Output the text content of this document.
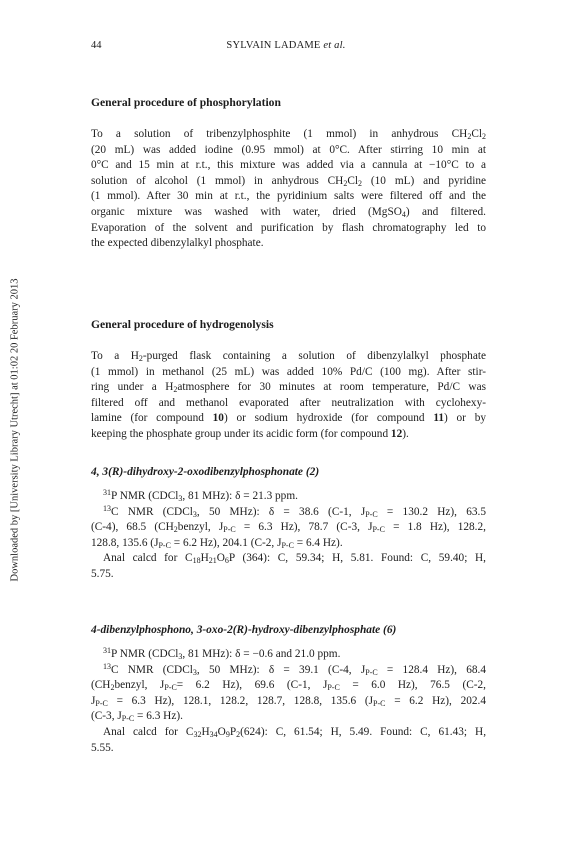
Downloaded by [University Library Utrecht] at 01:02 20 February 2013
44	SYLVAIN LADAME et al.
General procedure of phosphorylation
To a solution of tribenzylphosphite (1 mmol) in anhydrous $CH_2Cl_2$
(20 mL) was added iodine (0.95 mmol) at 0°C. After stirring 10 min at
0°C and 15 min at r.t., this mixture was added via a cannula at −10°C to a
solution of alcohol (1 mmol) in anhydrous $CH_2Cl_2$ (10 mL) and pyridine
(1 mmol). After 30 min at r.t., the pyridinium salts were filtered off and the
organic mixture was washed with water, dried (MgSO$_4$) and filtered.
Evaporation of the solvent and purification by flash chromatography led to
the expected dibenzylalkyl phosphate.
General procedure of hydrogenolysis
To a $H_2$-purged flask containing a solution of dibenzylalkyl phosphate
(1 mmol) in methanol (25 mL) was added 10% Pd/C (100 mg). After stir-
ring under a $H_2atmosphere$ for 30 minutes at room temperature, Pd/C was
filtered off and methanol evaporated after neutralization with cyclohexy-
lamine (for compound 10) or sodium hydroxide (for compound 11) or by
keeping the phosphate group under its acidic form (for compound 12).
4, 3(R)-dihydroxy-2-oxodibenzylphosphonate (2)
$^{31}$P NMR (CDCl$_3$, 81 MHz): δ = 21.3 ppm.
$^{13}$C NMR (CDCl$_3$, 50 MHz): δ = 38.6 (C-1, $J_{P-C} = 130.2$ Hz), 63.5
(C-4), 68.5 ($CH_2benzyl$, $J_{P-C} = 6.3$ Hz), 78.7 (C-3, $J_{P-C} = 1.8$ Hz), 128.2,
128.8, 135.6 ($J_{P-C} = 6.2$ Hz), 204.1 (C-2, $J_{P-C} = 6.4$ Hz).
Anal calcd for $C_{18}H_{21}O_6P$ (364): C, 59.34; H, 5.81. Found: C, 59.40; H,
5.75.
4-dibenzylphosphono, 3-oxo-2(R)-hydroxy-dibenzylphosphate (6)
$^{31}$P NMR (CDCl$_3$, 81 MHz): δ = −0.6 and 21.0 ppm.
$^{13}$C NMR (CDCl$_3$, 50 MHz): δ = 39.1 (C-4, $J_{P-C} = 128.4$ Hz), 68.4
($CH_2benzyl$, $J_{P-C}= 6.2$ Hz), 69.6 (C-1, $J_{P-C} = 6.0$ Hz), 76.5 (C-2,
$J_{P-C} = 6.3$ Hz), 128.1, 128.2, 128.7, 128.8, 135.6 ($J_{P-C} = 6.2$ Hz), 202.4
(C-3, $J_{P-C} = 6.3$ Hz).
Anal calcd for $C_{32}H_{34}O_9P_2(624)$: C, 61.54; H, 5.49. Found: C, 61.43; H,
5.55.
